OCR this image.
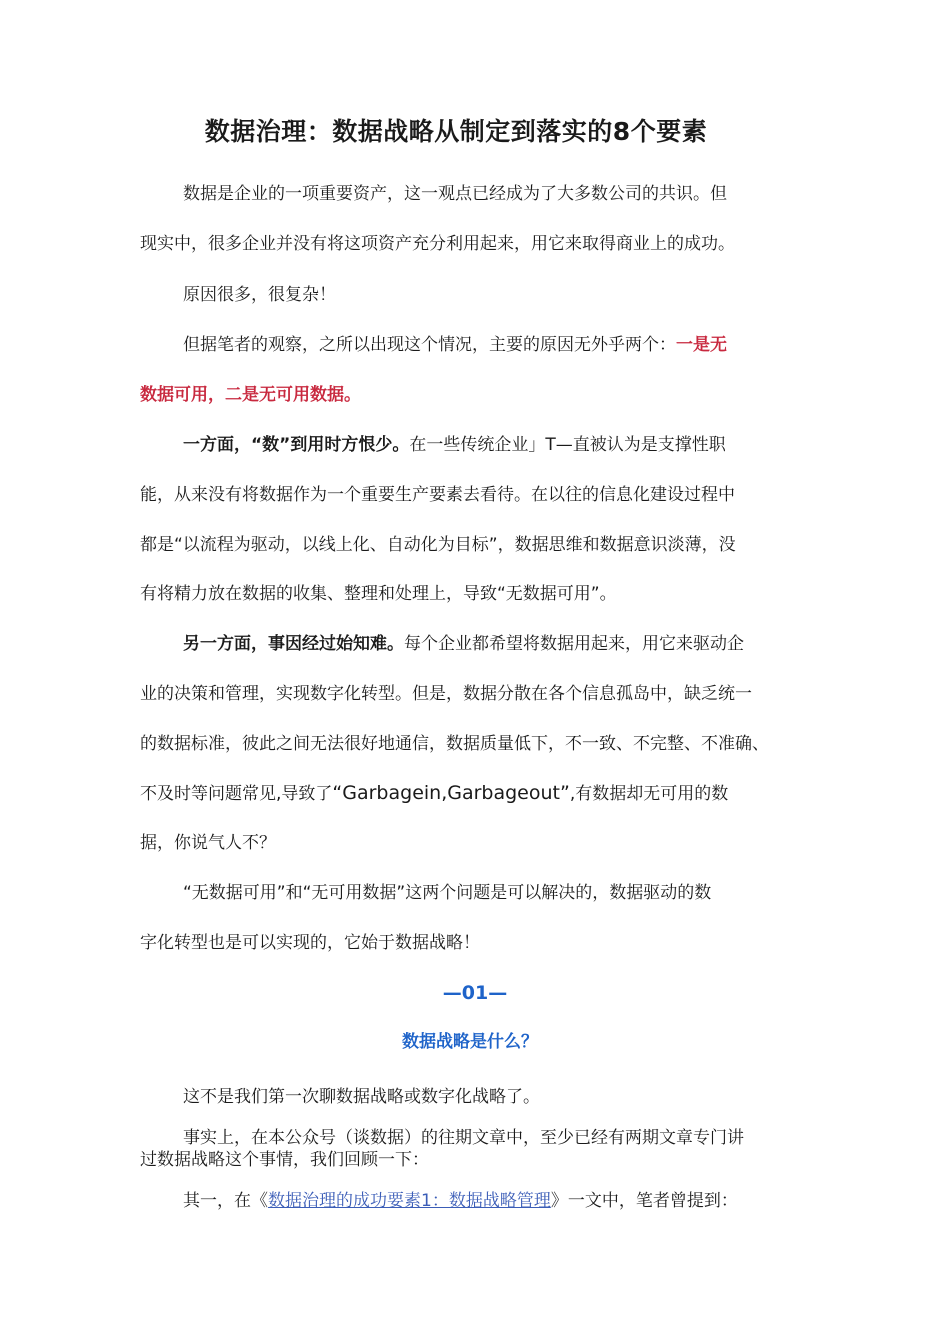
数据治理：数据战略从制定到落实的8个要素
数据是企业的一项重要资产，这一观点已经成为了大多数公司的共识。但
现实中，很多企业并没有将这项资产充分利用起来，用它来取得商业上的成功。
原因很多，很复杂！
但据笔者的观察，之所以出现这个情况，主要的原因无外乎两个：一是无
数据可用，二是无可用数据。
一方面，“数”到用时方恨少。在一些传统企业」T—直被认为是支撑性职
能，从来没有将数据作为一个重要生产要素去看待。在以往的信息化建设过程中
都是“以流程为驱动，以线上化、自动化为目标”，数据思维和数据意识淡薄，没
有将精力放在数据的收集、整理和处理上，导致“无数据可用”。
另一方面，事因经过始知难。每个企业都希望将数据用起来，用它来驱动企
业的决策和管理，实现数字化转型。但是，数据分散在各个信息孤岛中，缺乏统一
的数据标准，彼此之间无法很好地通信，数据质量低下，不一致、不完整、不准确、
不及时等问题常见,导致了“Garbagein,Garbageout”,有数据却无可用的数
据，你说气人不？
“无数据可用”和“无可用数据”这两个问题是可以解决的，数据驱动的数
字化转型也是可以实现的，它始于数据战略！
—01—
数据战略是什么？
这不是我们第一次聊数据战略或数字化战略了。
事实上，在本公众号（谈数据）的往期文章中，至少已经有两期文章专门讲
过数据战略这个事情，我们回顾一下：
其一，在《数据治理的成功要素1：数据战略管理》一文中，笔者曾提到：
